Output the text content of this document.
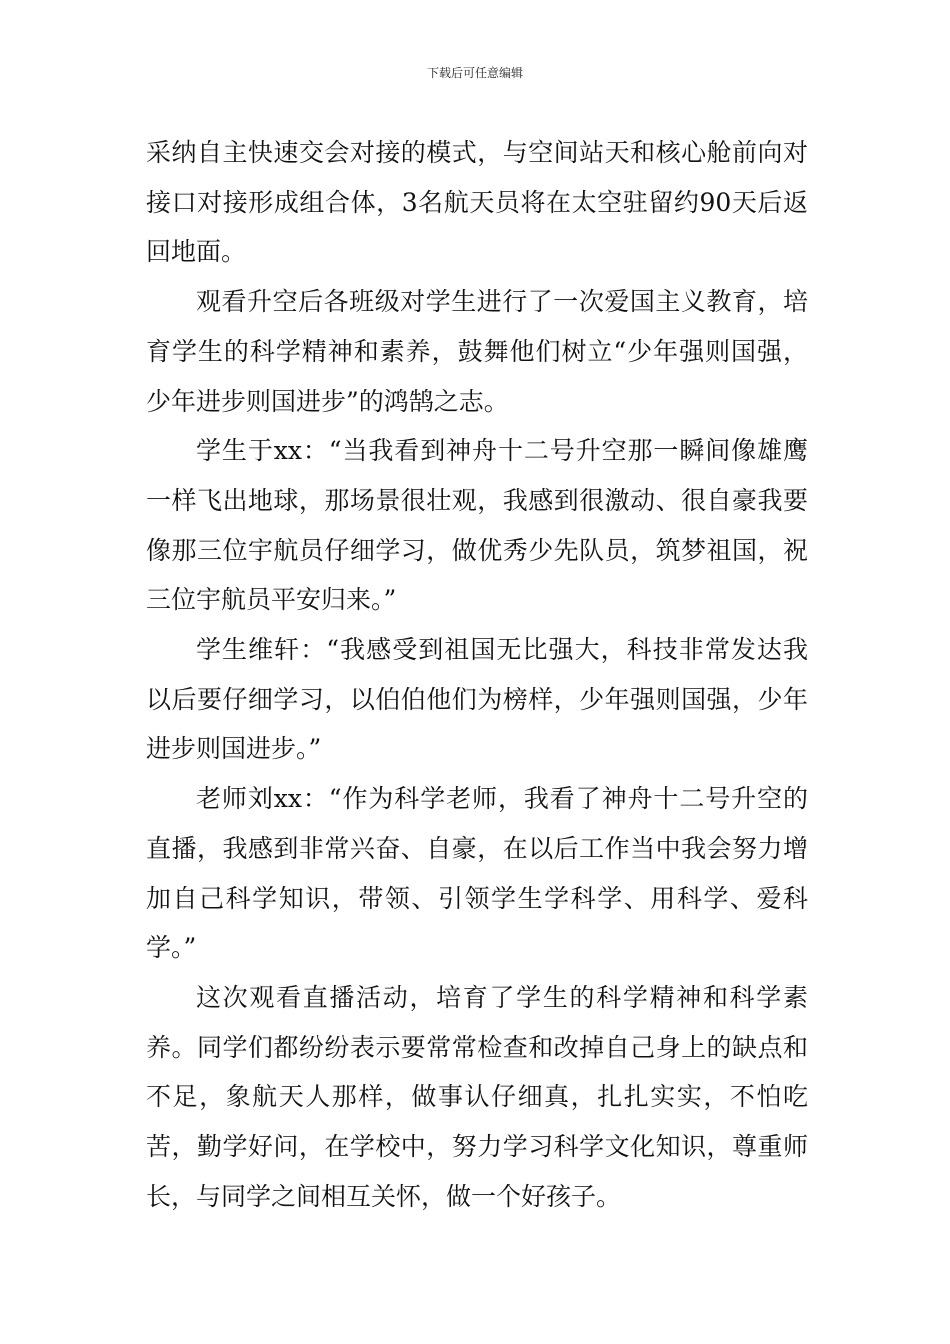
下载后可任意编辑

采纳自主快速交会对接的模式，与空间站天和核心舱前向对接口对接形成组合体，3名航天员将在太空驻留约90天后返回地面。

观看升空后各班级对学生进行了一次爱国主义教育，培育学生的科学精神和素养，鼓舞他们树立“少年强则国强，少年进步则国进步”的鸿鹄之志。

学生于xx：“当我看到神舟十二号升空那一瞬间像雄鹰一样飞出地球，那场景很壮观，我感到很激动、很自豪我要像那三位宇航员仔细学习，做优秀少先队员，筑梦祖国，祝三位宇航员平安归来。”

学生维轩：“我感受到祖国无比强大，科技非常发达我以后要仔细学习，以伯伯他们为榜样，少年强则国强，少年进步则国进步。”

老师刘xx：“作为科学老师，我看了神舟十二号升空的直播，我感到非常兴奋、自豪，在以后工作当中我会努力增加自己科学知识，带领、引领学生学科学、用科学、爱科学。”

这次观看直播活动，培育了学生的科学精神和科学素养。同学们都纷纷表示要常常检查和改掉自己身上的缺点和不足，象航天人那样，做事认仔细真，扎扎实实，不怕吃苦，勤学好问，在学校中，努力学习科学文化知识，尊重师长，与同学之间相互关怀，做一个好孩子。
